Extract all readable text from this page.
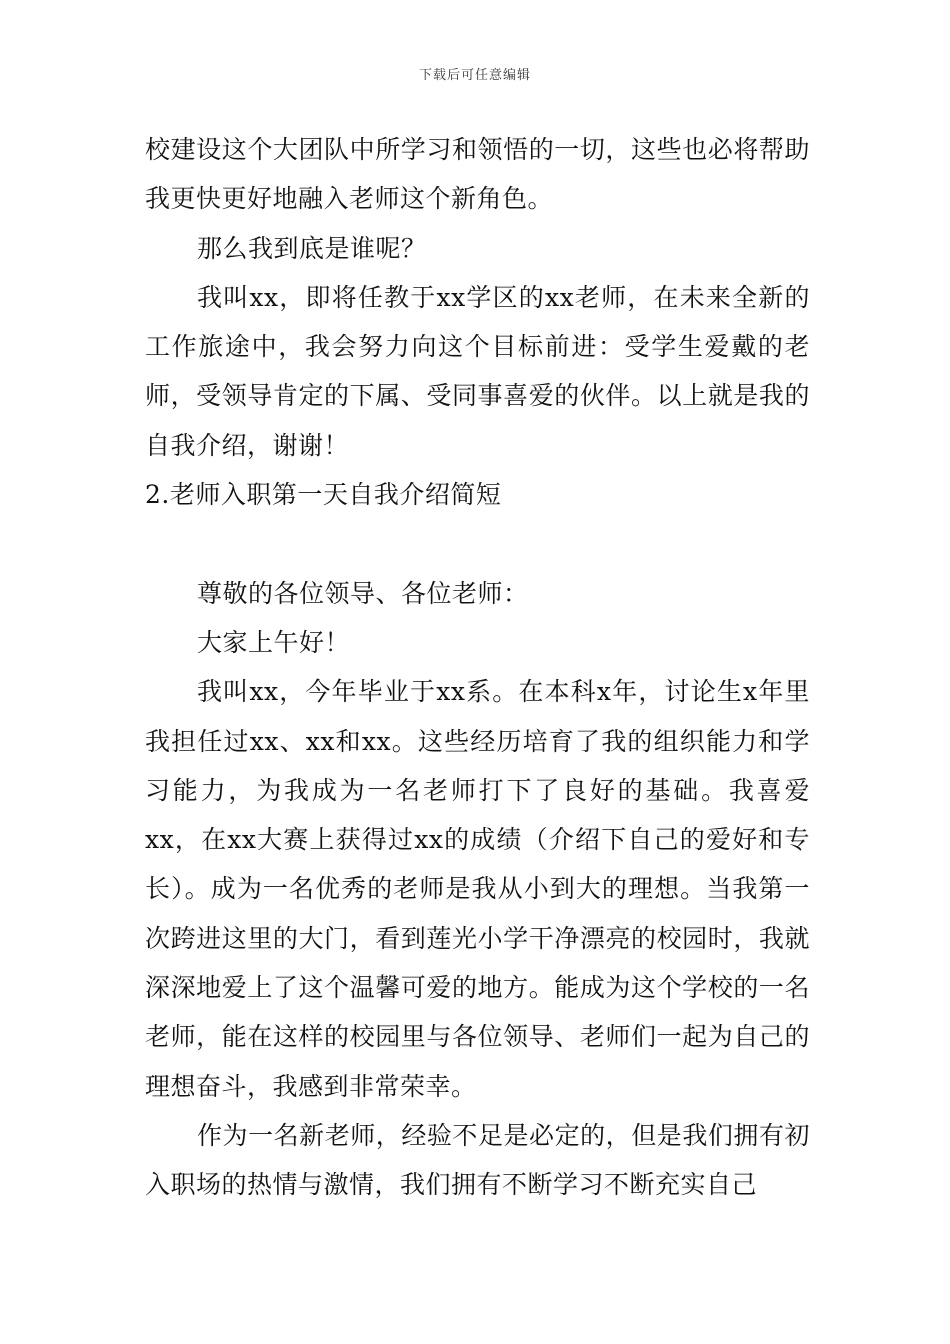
下载后可任意编辑

校建设这个大团队中所学习和领悟的一切，这些也必将帮助我更快更好地融入老师这个新角色。

那么我到底是谁呢？

我叫xx，即将任教于xx学区的xx老师，在未来全新的工作旅途中，我会努力向这个目标前进：受学生爱戴的老师，受领导肯定的下属、受同事喜爱的伙伴。以上就是我的自我介绍，谢谢！

2.老师入职第一天自我介绍简短

尊敬的各位领导、各位老师：

大家上午好！

我叫xx，今年毕业于xx系。在本科x年，讨论生x年里我担任过xx、xx和xx。这些经历培育了我的组织能力和学习能力，为我成为一名老师打下了良好的基础。我喜爱xx，在xx大赛上获得过xx的成绩（介绍下自己的爱好和专长）。成为一名优秀的老师是我从小到大的理想。当我第一次跨进这里的大门，看到莲光小学干净漂亮的校园时，我就深深地爱上了这个温馨可爱的地方。能成为这个学校的一名老师，能在这样的校园里与各位领导、老师们一起为自己的理想奋斗，我感到非常荣幸。

作为一名新老师，经验不足是必定的，但是我们拥有初入职场的热情与激情，我们拥有不断学习不断充实自己
